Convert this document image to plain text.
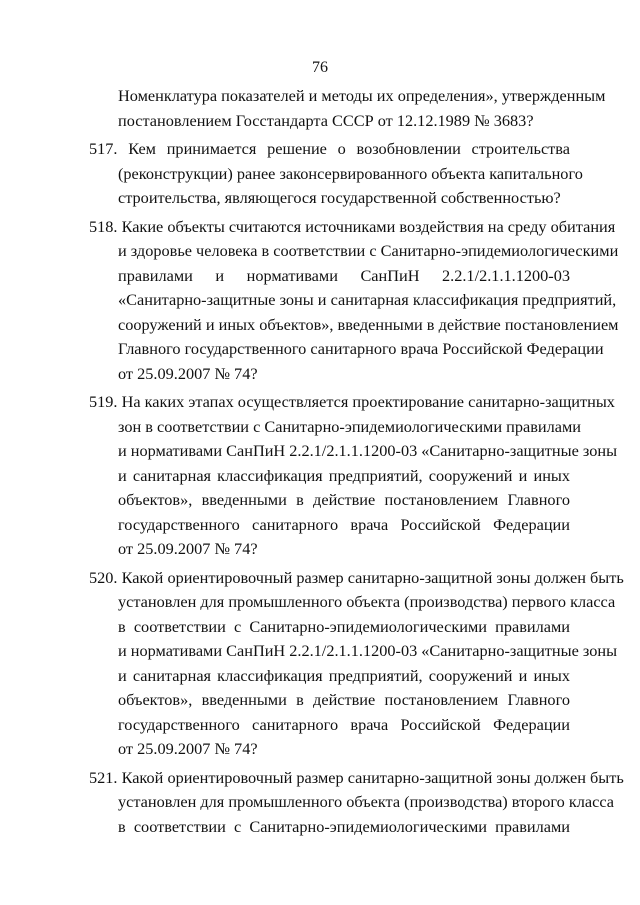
76
Номенклатура показателей и методы их определения», утвержденным
постановлением Госстандарта СССР от 12.12.1989 № 3683?
517. Кем принимается решение о возобновлении строительства
(реконструкции) ранее законсервированного объекта капитального
строительства, являющегося государственной собственностью?
518. Какие объекты считаются источниками воздействия на среду обитания
и здоровье человека в соответствии с Санитарно-эпидемиологическими
правилами и нормативами СанПиН 2.2.1/2.1.1.1200-03
«Санитарно-защитные зоны и санитарная классификация предприятий,
сооружений и иных объектов», введенными в действие постановлением
Главного государственного санитарного врача Российской Федерации
от 25.09.2007 № 74?
519. На каких этапах осуществляется проектирование санитарно-защитных
зон в соответствии с Санитарно-эпидемиологическими правилами
и нормативами СанПиН 2.2.1/2.1.1.1200-03 «Санитарно-защитные зоны
и санитарная классификация предприятий, сооружений и иных
объектов», введенными в действие постановлением Главного
государственного санитарного врача Российской Федерации
от 25.09.2007 № 74?
520. Какой ориентировочный размер санитарно-защитной зоны должен быть
установлен для промышленного объекта (производства) первого класса
в соответствии с Санитарно-эпидемиологическими правилами
и нормативами СанПиН 2.2.1/2.1.1.1200-03 «Санитарно-защитные зоны
и санитарная классификация предприятий, сооружений и иных
объектов», введенными в действие постановлением Главного
государственного санитарного врача Российской Федерации
от 25.09.2007 № 74?
521. Какой ориентировочный размер санитарно-защитной зоны должен быть
установлен для промышленного объекта (производства) второго класса
в соответствии с Санитарно-эпидемиологическими правилами
